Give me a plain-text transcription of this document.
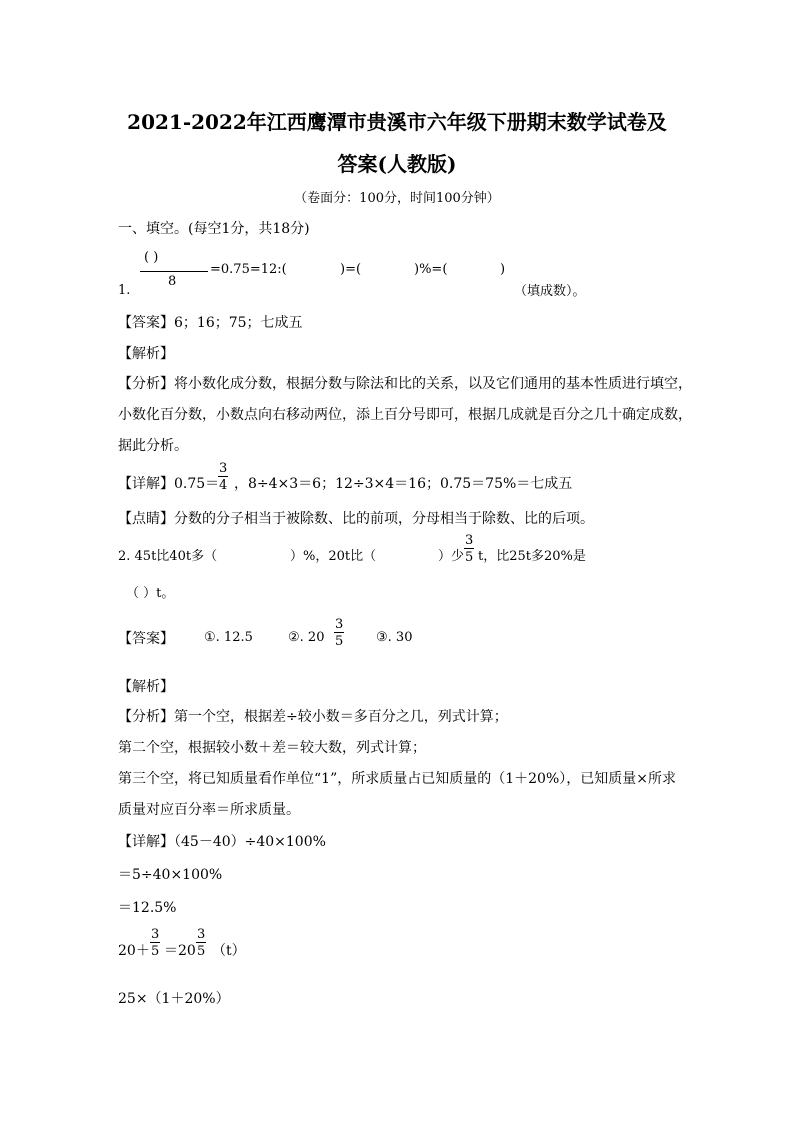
2021-2022年江西鹰潭市贵溪市六年级下册期末数学试卷及
答案(人教版)
（卷面分：100分，时间100分钟）
一、填空。(每空1分，共18分)
( )
8
=0.75=12:(	)=(	)%=(	)
1.	（填成数）。
【答案】6；16；75；七成五
【解析】
【分析】将小数化成分数，根据分数与除法和比的关系，以及它们通用的基本性质进行填空，
小数化百分数，小数点向右移动两位，添上百分号即可，根据几成就是百分之几十确定成数，
据此分析。
【详解】0.75＝
$\frac{3}{4}$ ，8÷4×3＝6；12÷3×4＝16；0.75＝75%＝七成五
【点睛】分数的分子相当于被除数、比的前项，分母相当于除数、比的后项。
2. 45t比40t多（	）%，20t比（	）少 $\frac{3}{5}$ t，比25t多20%是
（ ）t。
【答案】 ①. 12.5	②. $20 \frac{3}{5}$ ③. 30
【解析】
【分析】第一个空，根据差÷较小数＝多百分之几，列式计算；
第二个空，根据较小数＋差＝较大数，列式计算；
第三个空，将已知质量看作单位“1”，所求质量占已知质量的（1＋20%），已知质量×所求
质量对应百分率＝所求质量。
【详解】（45－40）÷40×100%
＝5÷40×100%
＝12.5%
$20+ \frac{3}{5} =20 \frac{3}{5} (t)$
25×（1＋20%）
